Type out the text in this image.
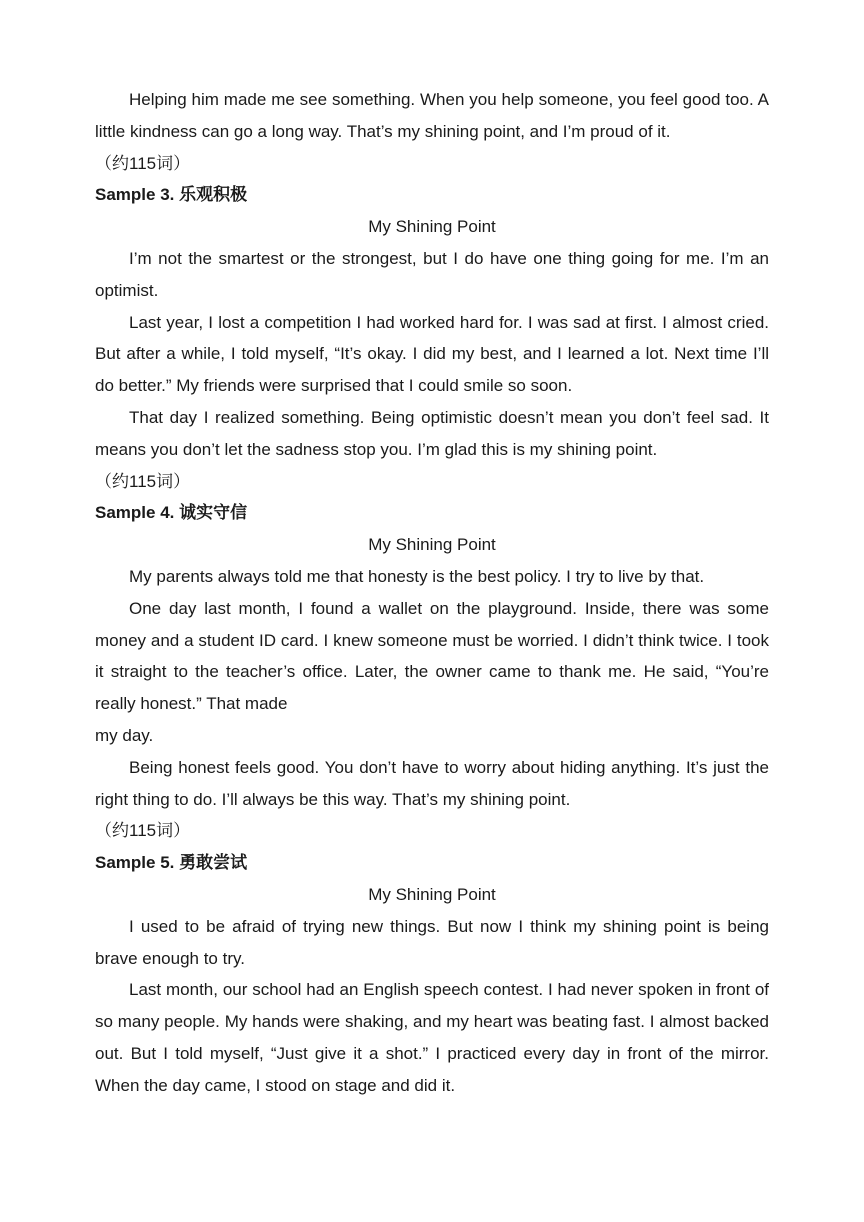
Helping him made me see something. When you help someone, you feel good too. A little kindness can go a long way. That’s my shining point, and I’m proud of it.

（约115词）

Sample 3. 乐观积极

My Shining Point

I’m not the smartest or the strongest, but I do have one thing going for me. I’m an optimist.

Last year, I lost a competition I had worked hard for. I was sad at first. I almost cried. But after a while, I told myself, “It’s okay. I did my best, and I learned a lot. Next time I’ll do better.” My friends were surprised that I could smile so soon.

That day I realized something. Being optimistic doesn’t mean you don’t feel sad. It means you don’t let the sadness stop you. I’m glad this is my shining point.

（约115词）

Sample 4. 诚实守信

My Shining Point

My parents always told me that honesty is the best policy. I try to live by that.

One day last month, I found a wallet on the playground. Inside, there was some money and a student ID card. I knew someone must be worried. I didn’t think twice. I took it straight to the teacher’s office. Later, the owner came to thank me. He said, “You’re really honest.” That made

my day.

Being honest feels good. You don’t have to worry about hiding anything. It’s just the right thing to do. I’ll always be this way. That’s my shining point.

（约115词）

Sample 5. 勇敢尝试

My Shining Point

I used to be afraid of trying new things. But now I think my shining point is being brave enough to try.

Last month, our school had an English speech contest. I had never spoken in front of so many people. My hands were shaking, and my heart was beating fast. I almost backed out. But I told myself, “Just give it a shot.” I practiced every day in front of the mirror. When the day came, I stood on stage and did it.
